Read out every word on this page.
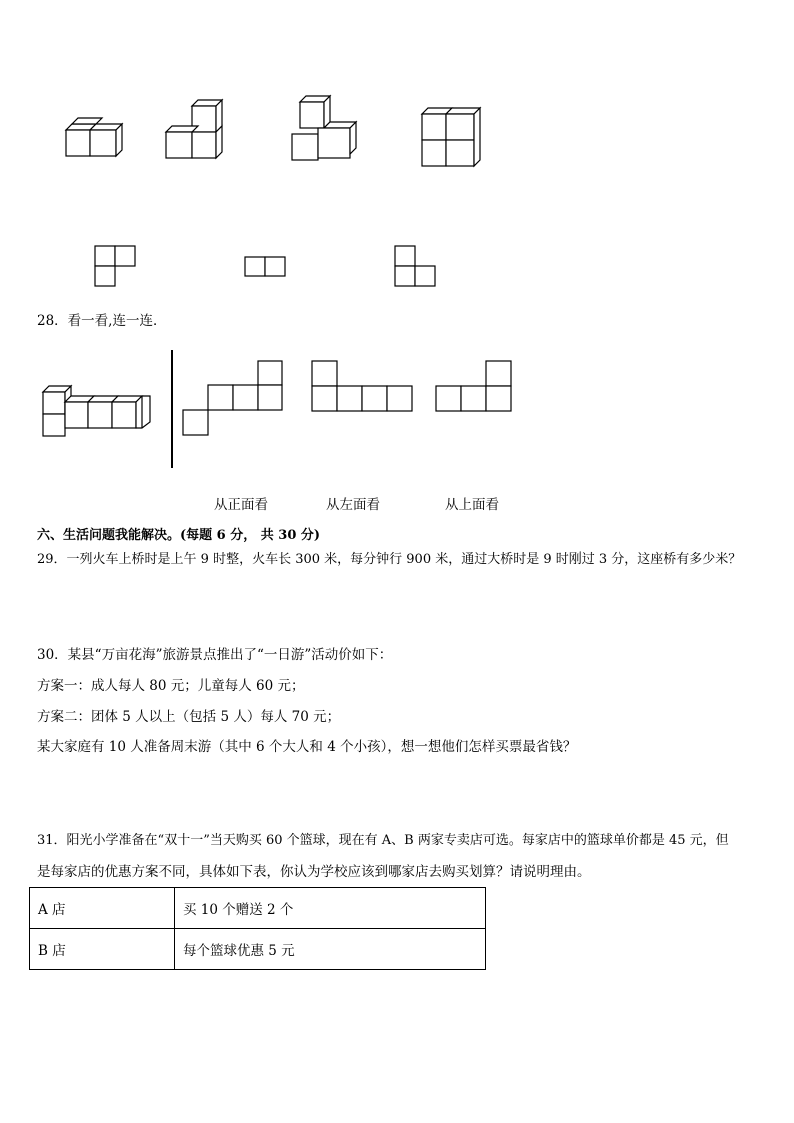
28．看一看,连一连．
从正面看	从左面看	从上面看
六、生活问题我能解决。(每题 6 分， 共 30 分)
29．一列火车上桥时是上午 9 时整，火车长 300 米，每分钟行 900 米，通过大桥时是 9 时刚过 3 分，这座桥有多少米？
30．某县“万亩花海”旅游景点推出了“一日游”活动价如下：
方案一：成人每人 80 元；儿童每人 60 元；
方案二：团体 5 人以上（包括 5 人）每人 70 元；
某大家庭有 10 人准备周末游（其中 6 个大人和 4 个小孩），想一想他们怎样买票最省钱？
31．阳光小学准备在“双十一”当天购买 60 个篮球，现在有 A、B 两家专卖店可选。每家店中的篮球单价都是 45 元，但
是每家店的优惠方案不同，具体如下表，你认为学校应该到哪家店去购买划算？请说明理由。
A 店	买 10 个赠送 2 个
B 店	每个篮球优惠 5 元
